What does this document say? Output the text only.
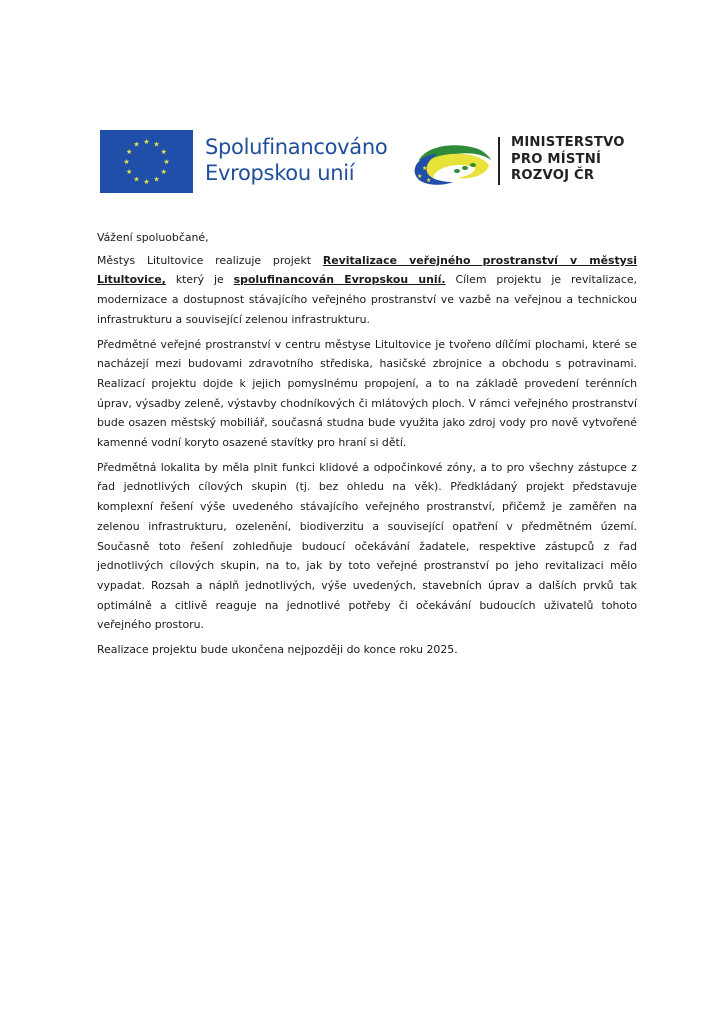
★ ★
★
★
★
★
★
★
★
★
★
★	Spolufinancováno
Evropskou unií	★
★
★
MINISTERSTVO
PRO MÍSTNÍ
ROZVOJ ČR

Vážení spoluobčané,

Městys Litultovice realizuje projekt Revitalizace veřejného prostranství v městysi Litultovice, který je spolufinancován Evropskou unií. Cílem projektu je revitalizace, modernizace a dostupnost stávajícího veřejného prostranství ve vazbě na veřejnou a technickou infrastrukturu a související zelenou infrastrukturu.

Předmětné veřejné prostranství v centru městyse Litultovice je tvořeno dílčími plochami, které se nacházejí mezi budovami zdravotního střediska, hasičské zbrojnice a obchodu s potravinami. Realizací projektu dojde k jejich pomyslnému propojení, a to na základě provedení terénních úprav, výsadby zeleně, výstavby chodníkových či mlátových ploch. V rámci veřejného prostranství bude osazen městský mobiliář, současná studna bude využita jako zdroj vody pro nově vytvořené kamenné vodní koryto osazené stavítky pro hraní si dětí.

Předmětná lokalita by měla plnit funkci klidové a odpočinkové zóny, a to pro všechny zástupce z řad jednotlivých cílových skupin (tj. bez ohledu na věk). Předkládaný projekt představuje komplexní řešení výše uvedeného stávajícího veřejného prostranství, přičemž je zaměřen na zelenou infrastrukturu, ozelenění, biodiverzitu a související opatření v předmětném území. Současně toto řešení zohledňuje budoucí očekávání žadatele, respektive zástupců z řad jednotlivých cílových skupin, na to, jak by toto veřejné prostranství po jeho revitalizaci mělo vypadat. Rozsah a náplň jednotlivých, výše uvedených, stavebních úprav a dalších prvků tak optimálně a citlivě reaguje na jednotlivé potřeby či očekávání budoucích uživatelů tohoto veřejného prostoru.

Realizace projektu bude ukončena nejpozději do konce roku 2025.
